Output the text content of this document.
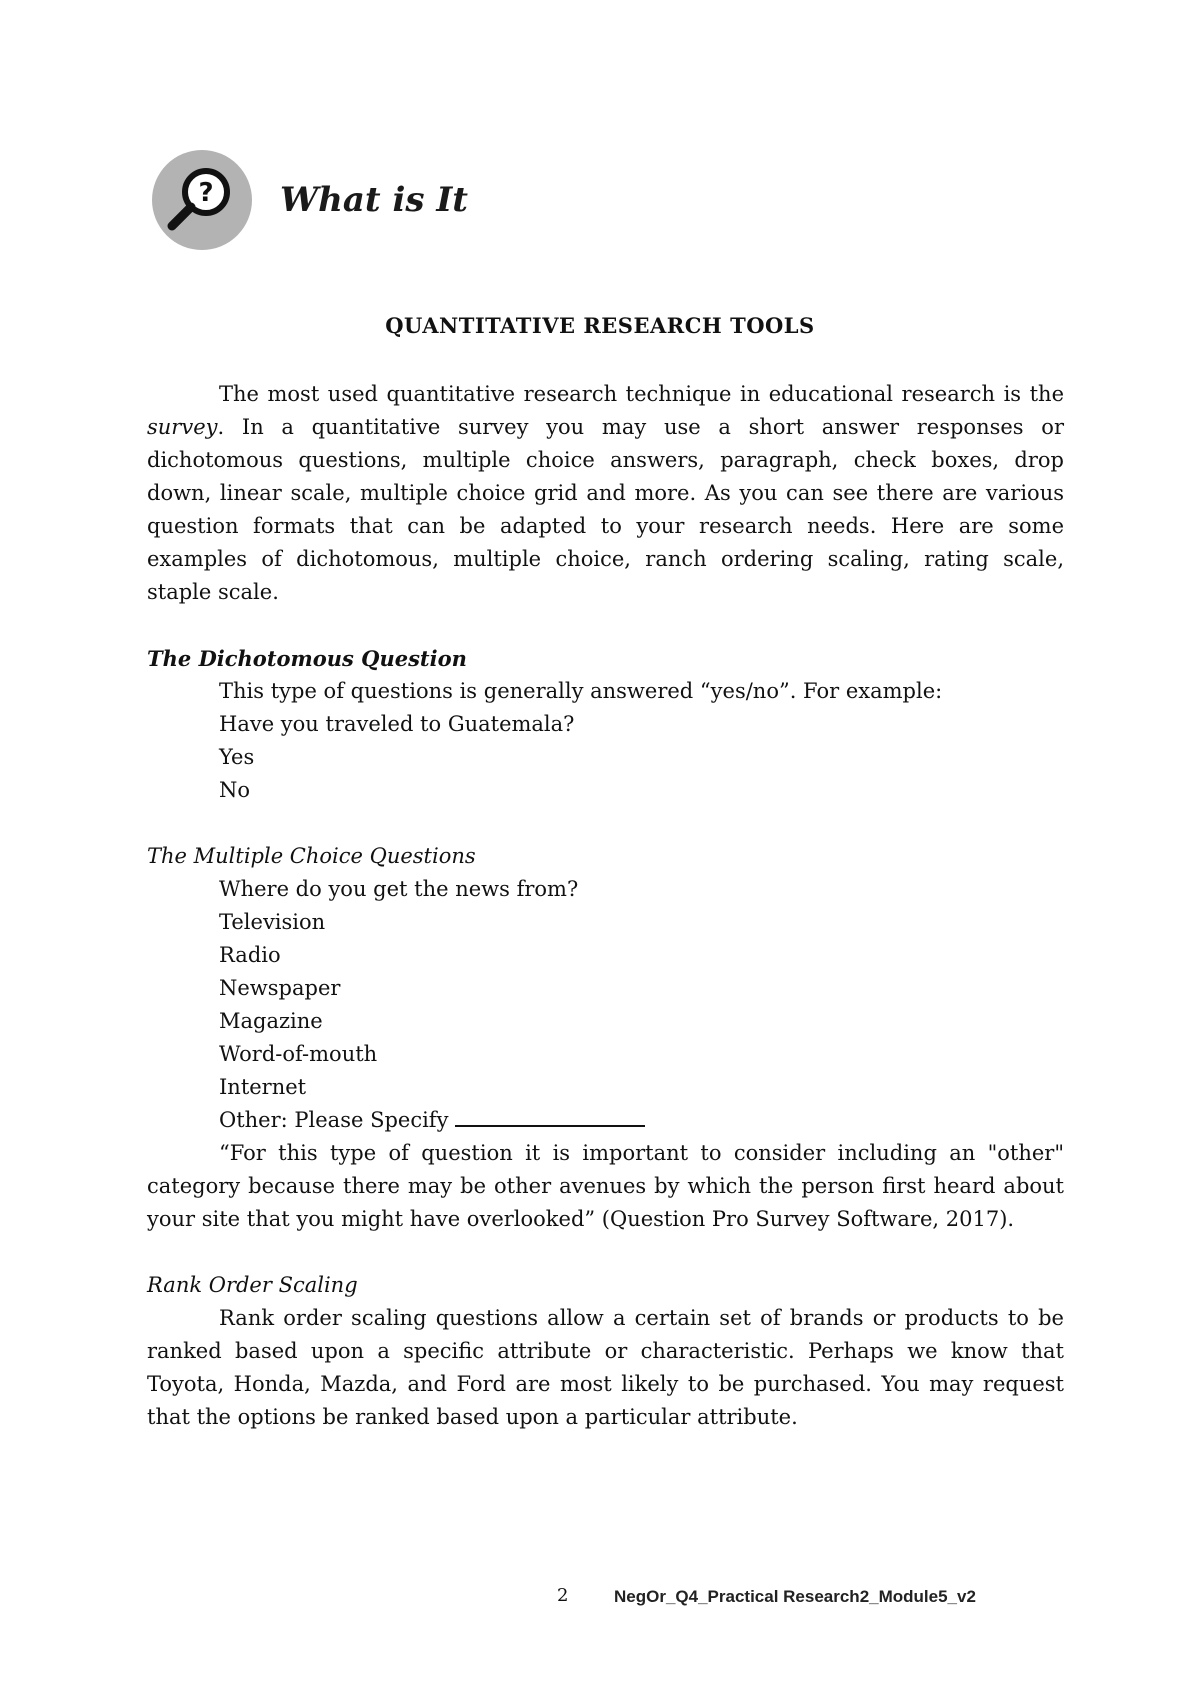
? What is It
QUANTITATIVE RESEARCH TOOLS

The most used quantitative research technique in educational research is the survey. In a quantitative survey you may use a short answer responses or dichotomous questions, multiple choice answers, paragraph, check boxes, drop down, linear scale, multiple choice grid and more. As you can see there are various question formats that can be adapted to your research needs. Here are some examples of dichotomous, multiple choice, ranch ordering scaling, rating scale, staple scale.

The Dichotomous Question

This type of questions is generally answered “yes/no”. For example:
Have you traveled to Guatemala?
Yes
No

The Multiple Choice Questions

Where do you get the news from?
Television
Radio
Newspaper
Magazine
Word-of-mouth
Internet
Other: Please Specify

“For this type of question it is important to consider including an "other" category because there may be other avenues by which the person first heard about your site that you might have overlooked” (Question Pro Survey Software, 2017).

Rank Order Scaling

Rank order scaling questions allow a certain set of brands or products to be ranked based upon a specific attribute or characteristic. Perhaps we know that Toyota, Honda, Mazda, and Ford are most likely to be purchased. You may request that the options be ranked based upon a particular attribute.

2	NegOr_Q4_Practical Research2_Module5_v2
